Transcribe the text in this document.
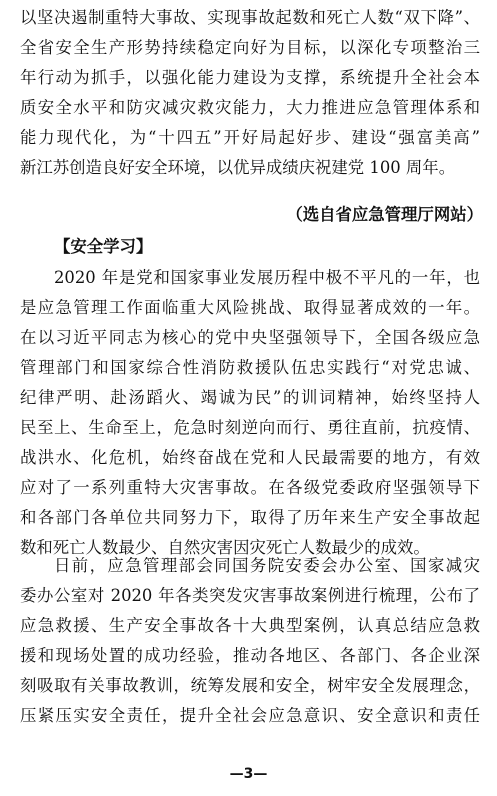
以坚决遏制重特大事故、实现事故起数和死亡人数“双下降”、
全省安全生产形势持续稳定向好为目标，以深化专项整治三
年行动为抓手，以强化能力建设为支撑，系统提升全社会本
质安全水平和防灾减灾救灾能力，大力推进应急管理体系和
能力现代化，为“十四五”开好局起好步、建设“强富美高”
新江苏创造良好安全环境，以优异成绩庆祝建党 100 周年。
（选自省应急管理厅网站）
【安全学习】
2020 年是党和国家事业发展历程中极不平凡的一年，也
是应急管理工作面临重大风险挑战、取得显著成效的一年。
在以习近平同志为核心的党中央坚强领导下，全国各级应急
管理部门和国家综合性消防救援队伍忠实践行“对党忠诚、
纪律严明、赴汤蹈火、竭诚为民”的训词精神，始终坚持人
民至上、生命至上，危急时刻逆向而行、勇往直前，抗疫情、
战洪水、化危机，始终奋战在党和人民最需要的地方，有效
应对了一系列重特大灾害事故。在各级党委政府坚强领导下
和各部门各单位共同努力下，取得了历年来生产安全事故起
数和死亡人数最少、自然灾害因灾死亡人数最少的成效。
日前，应急管理部会同国务院安委会办公室、国家减灾
委办公室对 2020 年各类突发灾害事故案例进行梳理，公布了
应急救援、生产安全事故各十大典型案例，认真总结应急救
援和现场处置的成功经验，推动各地区、各部门、各企业深
刻吸取有关事故教训，统筹发展和安全，树牢安全发展理念，
压紧压实安全责任，提升全社会应急意识、安全意识和责任
—3—
